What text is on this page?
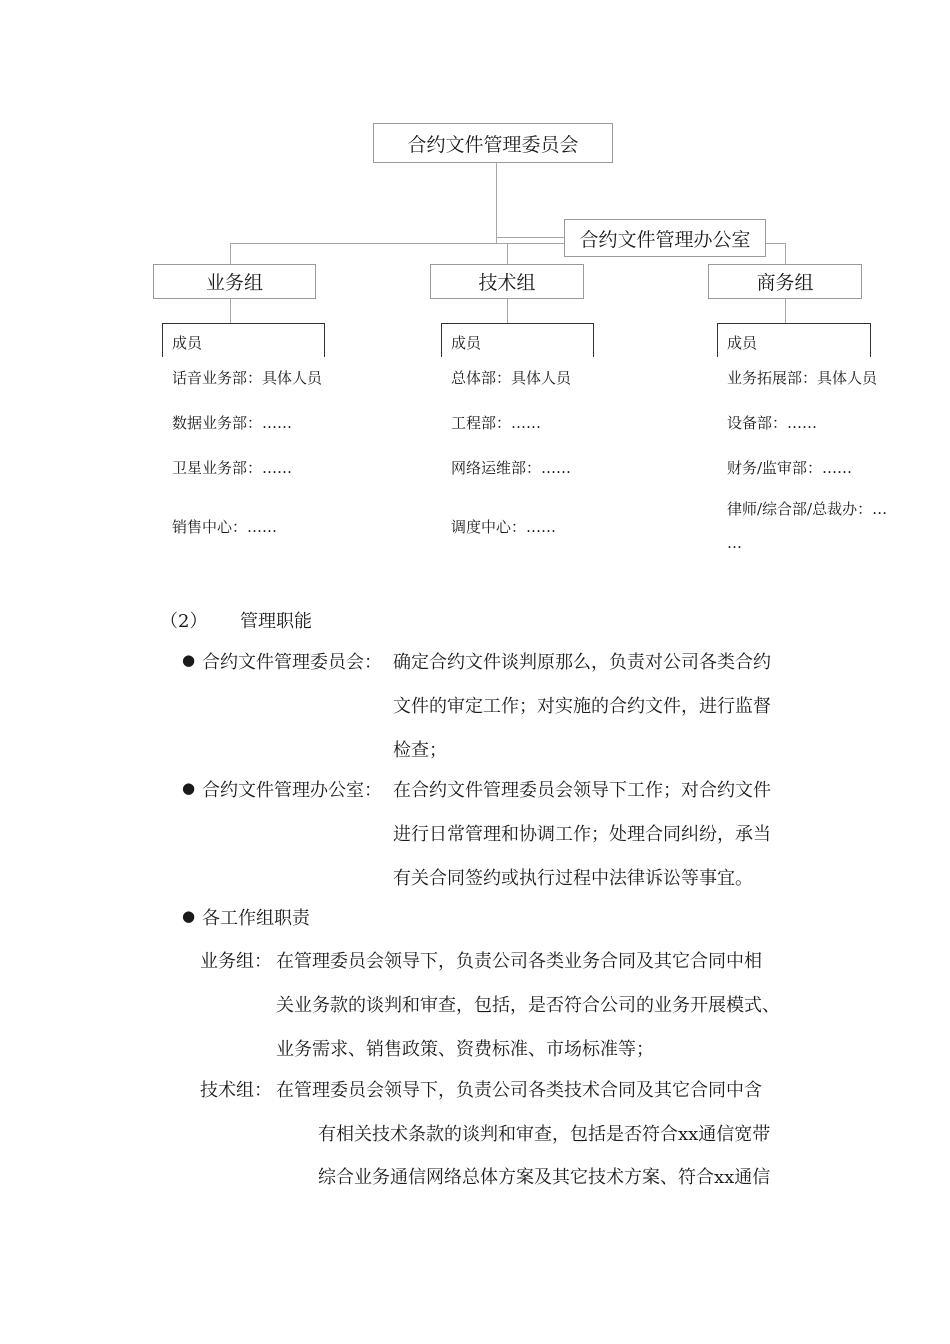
合约文件管理委员会
合约文件管理办公室
业务组	技术组	商务组
成员	成员	成员
话音业务部：具体人员
数据业务部：……
卫星业务部：……
销售中心：……
总体部：具体人员
工程部：……
网络运维部：……
调度中心：……
业务拓展部：具体人员
设备部：……
财务/监审部：……
律师/综合部/总裁办：…
…
（2） 管理职能
● 合约文件管理委员会： 确定合约文件谈判原那么，负责对公司各类合约
文件的审定工作；对实施的合约文件，进行监督
检查；
● 合约文件管理办公室： 在合约文件管理委员会领导下工作；对合约文件
进行日常管理和协调工作；处理合同纠纷，承当
有关合同签约或执行过程中法律诉讼等事宜。
● 各工作组职责
业务组： 在管理委员会领导下，负责公司各类业务合同及其它合同中相
关业务款的谈判和审查，包括，是否符合公司的业务开展模式、
业务需求、销售政策、资费标准、市场标准等；
技术组： 在管理委员会领导下，负责公司各类技术合同及其它合同中含
有相关技术条款的谈判和审查，包括是否符合xx通信宽带
综合业务通信网络总体方案及其它技术方案、符合xx通信
